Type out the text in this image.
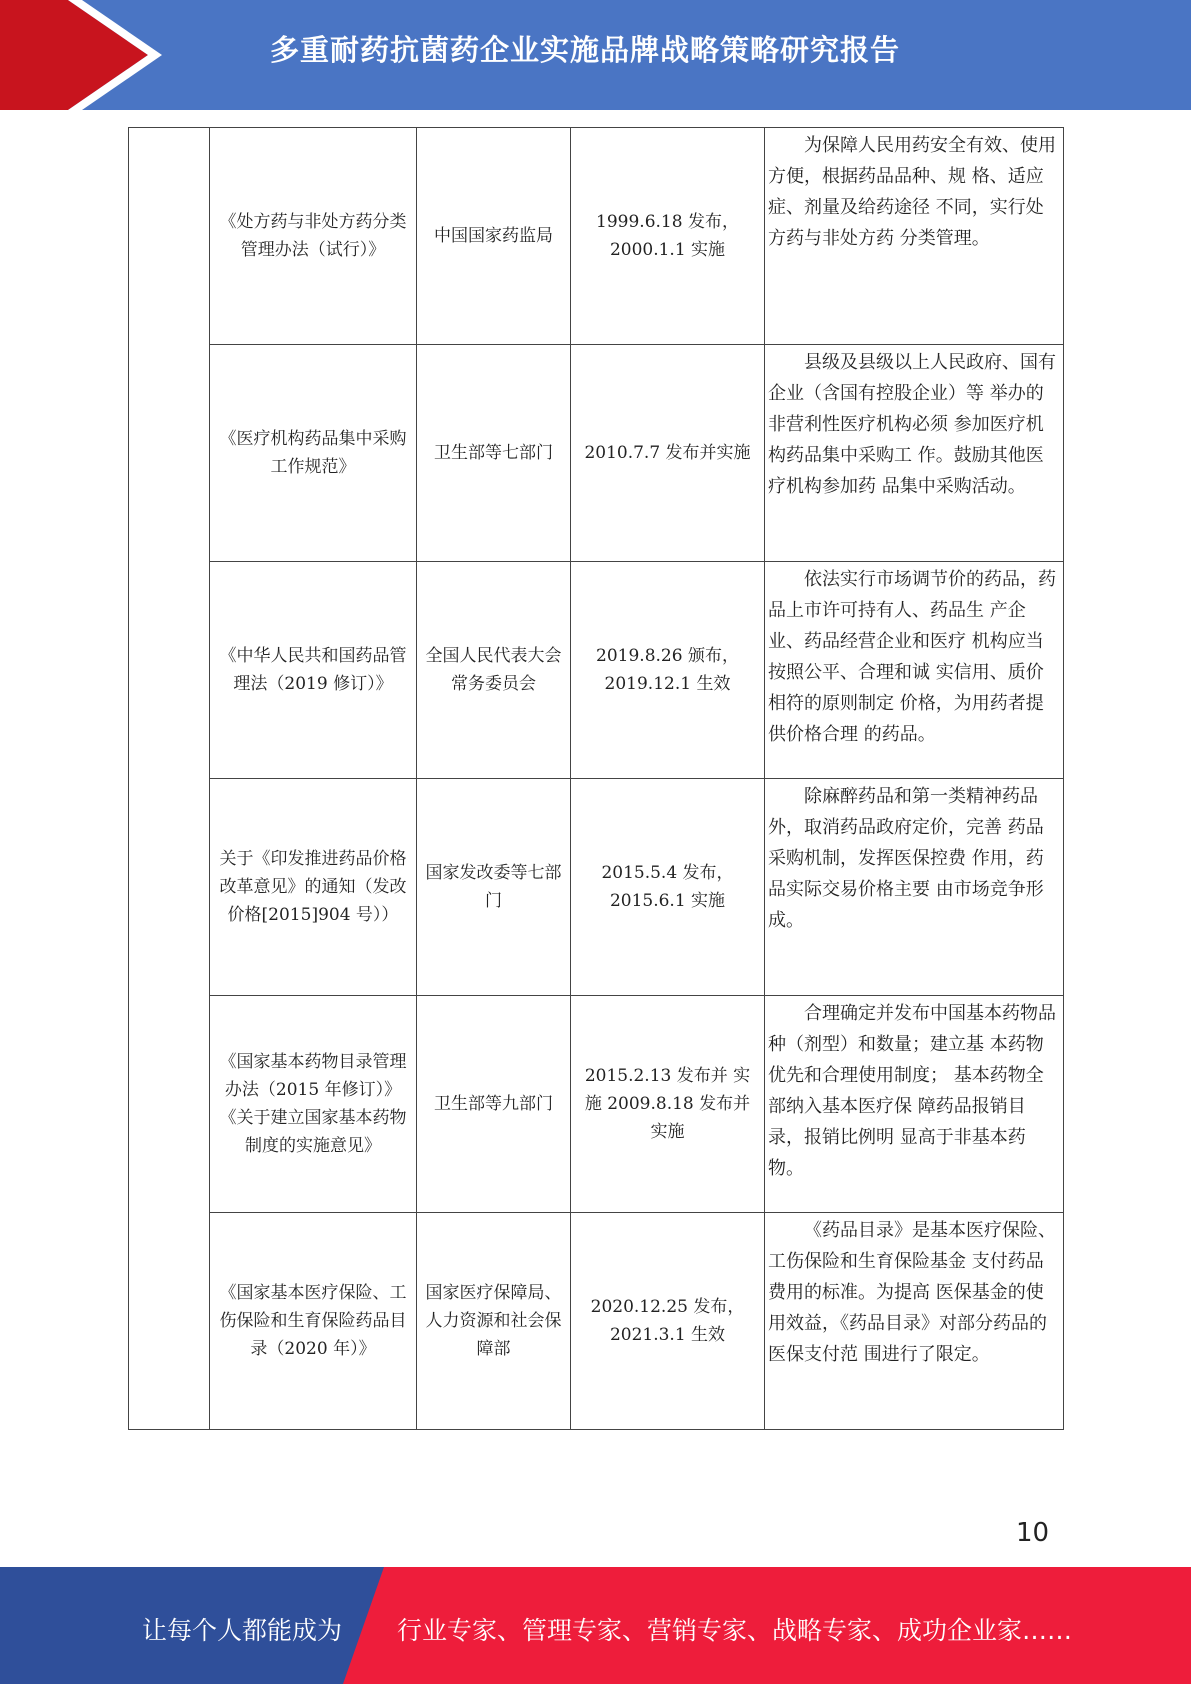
多重耐药抗菌药企业实施品牌战略策略研究报告
	《处方药与非处方药分类管理办法（试行）》	中国国家药监局	1999.6.18 发布，2000.1.1 实施	为保障人民用药安全有效、使用方便，根据药品品种、规 格、适应症、剂量及给药途径 不同，实行处方药与非处方药 分类管理。
	《医疗机构药品集中采购工作规范》	卫生部等七部门	2010.7.7 发布并实施	县级及县级以上人民政府、国有企业（含国有控股企业）等 举办的非营利性医疗机构必须 参加医疗机构药品集中采购工 作。鼓励其他医疗机构参加药 品集中采购活动。
	《中华人民共和国药品管理法（2019 修订）》	全国人民代表大会常务委员会	2019.8.26 颁布，2019.12.1 生效	依法实行市场调节价的药品，药品上市许可持有人、药品生 产企业、药品经营企业和医疗 机构应当按照公平、合理和诚 实信用、质价相符的原则制定 价格，为用药者提供价格合理 的药品。
	关于《印发推进药品价格改革意见》的通知（发改价格[2015]904 号））	国家发改委等七部门	2015.5.4 发布，2015.6.1 实施	除麻醉药品和第一类精神药品外，取消药品政府定价，完善 药品采购机制，发挥医保控费 作用，药品实际交易价格主要 由市场竞争形成。
	《国家基本药物目录管理办法（2015 年修订）》《关于建立国家基本药物制度的实施意见》	卫生部等九部门	2015.2.13 发布并 实施 2009.8.18 发布并 实施	合理确定并发布中国基本药物品种（剂型）和数量；建立基 本药物优先和合理使用制度； 基本药物全部纳入基本医疗保 障药品报销目录，报销比例明 显高于非基本药物。
	《国家基本医疗保险、工伤保险和生育保险药品目录（2020 年）》	国家医疗保障局、人力资源和社会保障部	2020.12.25 发布，2021.3.1 生效	《药品目录》是基本医疗保险、工伤保险和生育保险基金 支付药品费用的标准。为提高 医保基金的使用效益，《药品目录》对部分药品的医保支付范 围进行了限定。
10
让每个人都能成为 行业专家、管理专家、营销专家、战略专家、成功企业家……
